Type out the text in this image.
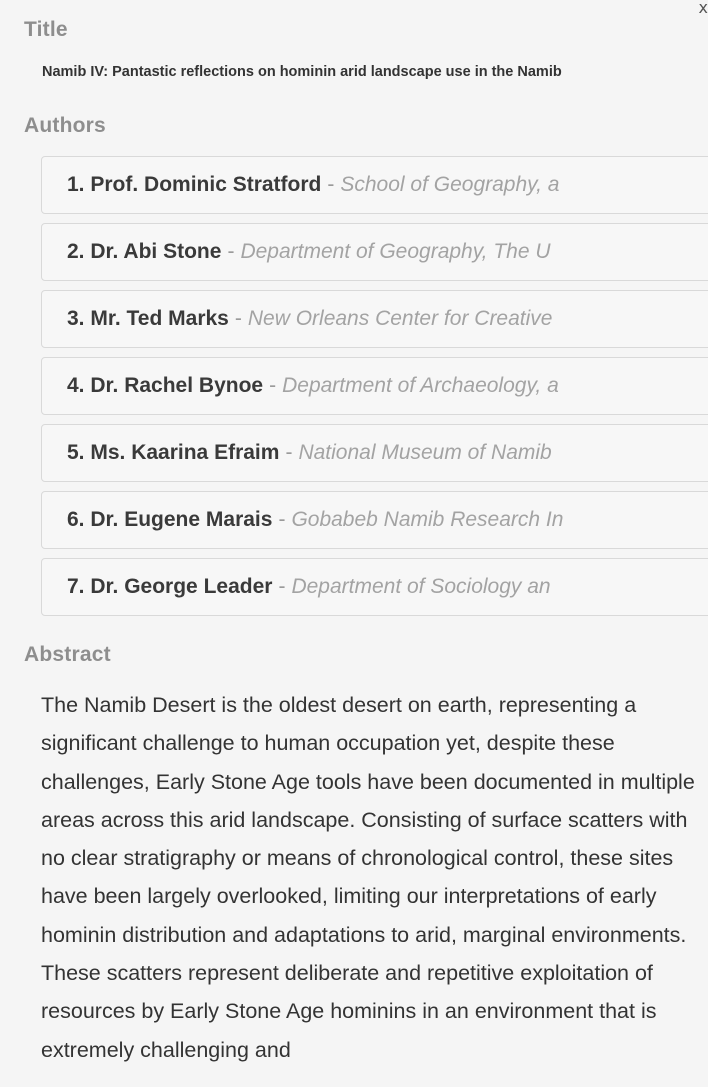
x
Title
Namib IV: Pantastic reflections on hominin arid landscape use in the Namib
Authors
1.
Prof. Dominic Stratford - School of Geography, a
2.
Dr. Abi Stone - Department of Geography, The U
3.
Mr. Ted Marks - New Orleans Center for Creative
4.
Dr. Rachel Bynoe - Department of Archaeology, a
5.
Ms. Kaarina Efraim - National Museum of Namib
6.
Dr. Eugene Marais - Gobabeb Namib Research In
7.
Dr. George Leader - Department of Sociology an
Abstract

The Namib Desert is the oldest desert on earth, representing a significant challenge to human occupation yet, despite these challenges, Early Stone Age tools have been documented in multiple areas across this arid landscape. Consisting of surface scatters with no clear stratigraphy or means of chronological control, these sites have been largely overlooked, limiting our interpretations of early hominin distribution and adaptations to arid, marginal environments. These scatters represent deliberate and repetitive exploitation of resources by Early Stone Age hominins in an environment that is extremely challenging and
